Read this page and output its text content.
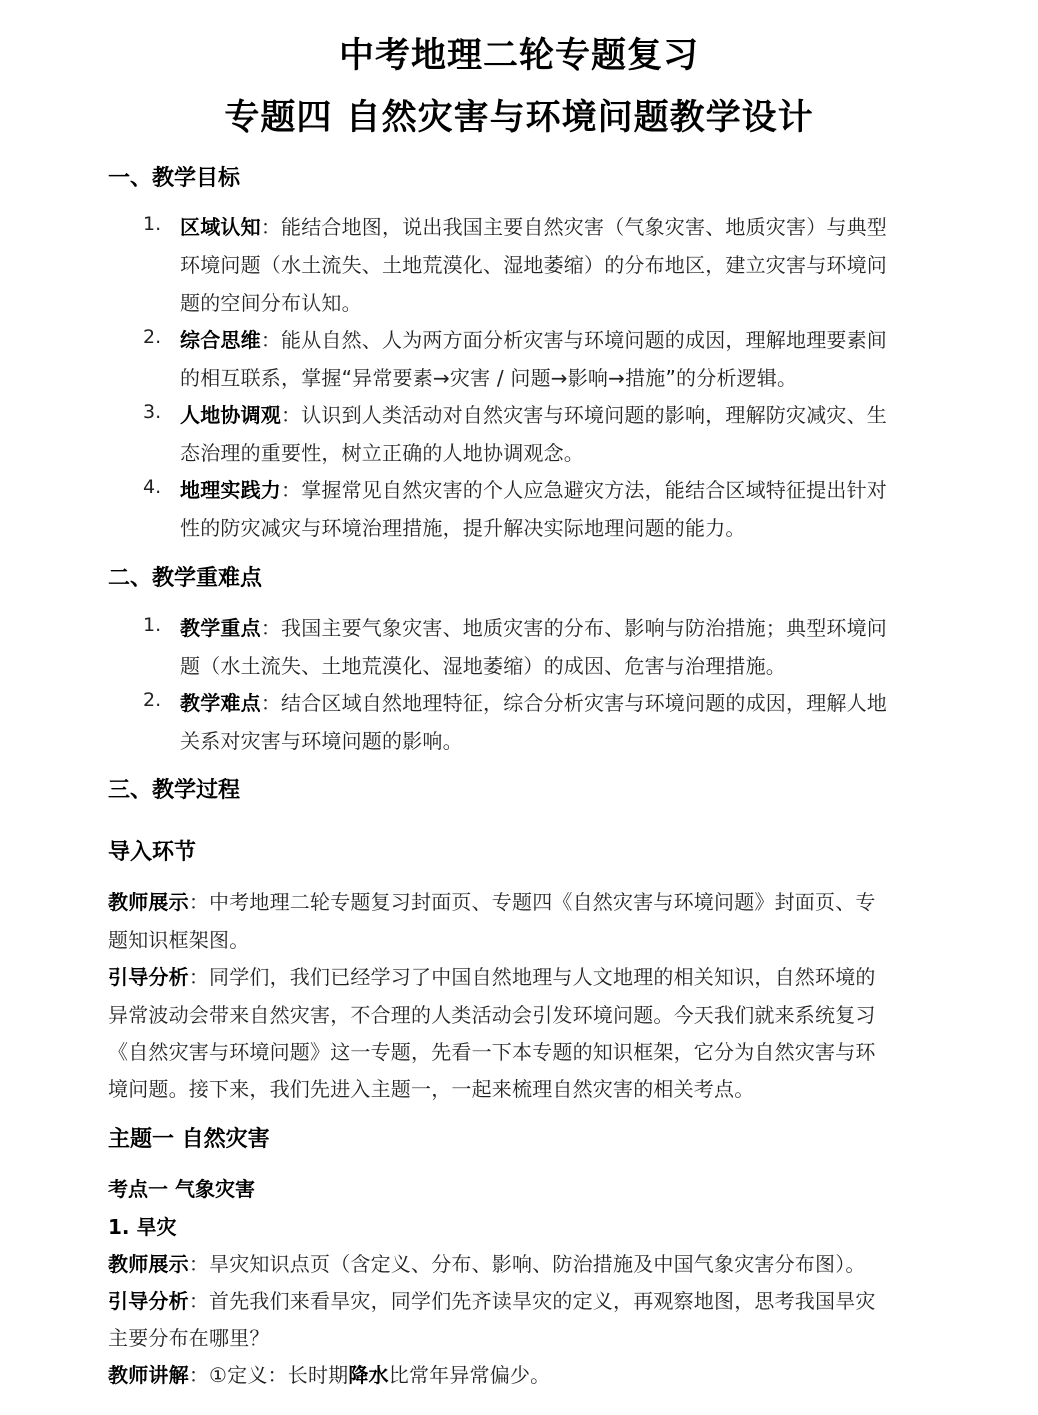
中考地理二轮专题复习
专题四 自然灾害与环境问题教学设计
一、教学目标
1. 区域认知：能结合地图，说出我国主要自然灾害（气象灾害、地质灾害）与典型
环境问题（水土流失、土地荒漠化、湿地萎缩）的分布地区，建立灾害与环境问
题的空间分布认知。
2. 综合思维：能从自然、人为两方面分析灾害与环境问题的成因，理解地理要素间
的相互联系，掌握“异常要素→灾害 / 问题→影响→措施”的分析逻辑。
3. 人地协调观：认识到人类活动对自然灾害与环境问题的影响，理解防灾减灾、生
态治理的重要性，树立正确的人地协调观念。
4. 地理实践力：掌握常见自然灾害的个人应急避灾方法，能结合区域特征提出针对
性的防灾减灾与环境治理措施，提升解决实际地理问题的能力。
二、教学重难点
1. 教学重点：我国主要气象灾害、地质灾害的分布、影响与防治措施；典型环境问
题（水土流失、土地荒漠化、湿地萎缩）的成因、危害与治理措施。
2. 教学难点：结合区域自然地理特征，综合分析灾害与环境问题的成因，理解人地
关系对灾害与环境问题的影响。
三、教学过程
导入环节
教师展示：中考地理二轮专题复习封面页、专题四《自然灾害与环境问题》封面页、专
题知识框架图。
引导分析：同学们，我们已经学习了中国自然地理与人文地理的相关知识，自然环境的
异常波动会带来自然灾害，不合理的人类活动会引发环境问题。今天我们就来系统复习
《自然灾害与环境问题》这一专题，先看一下本专题的知识框架，它分为自然灾害与环
境问题。接下来，我们先进入主题一，一起来梳理自然灾害的相关考点。
主题一 自然灾害
考点一 气象灾害
1. 旱灾
教师展示：旱灾知识点页（含定义、分布、影响、防治措施及中国气象灾害分布图）。
引导分析：首先我们来看旱灾，同学们先齐读旱灾的定义，再观察地图，思考我国旱灾
主要分布在哪里？
教师讲解：①定义：长时期降水比常年异常偏少。
